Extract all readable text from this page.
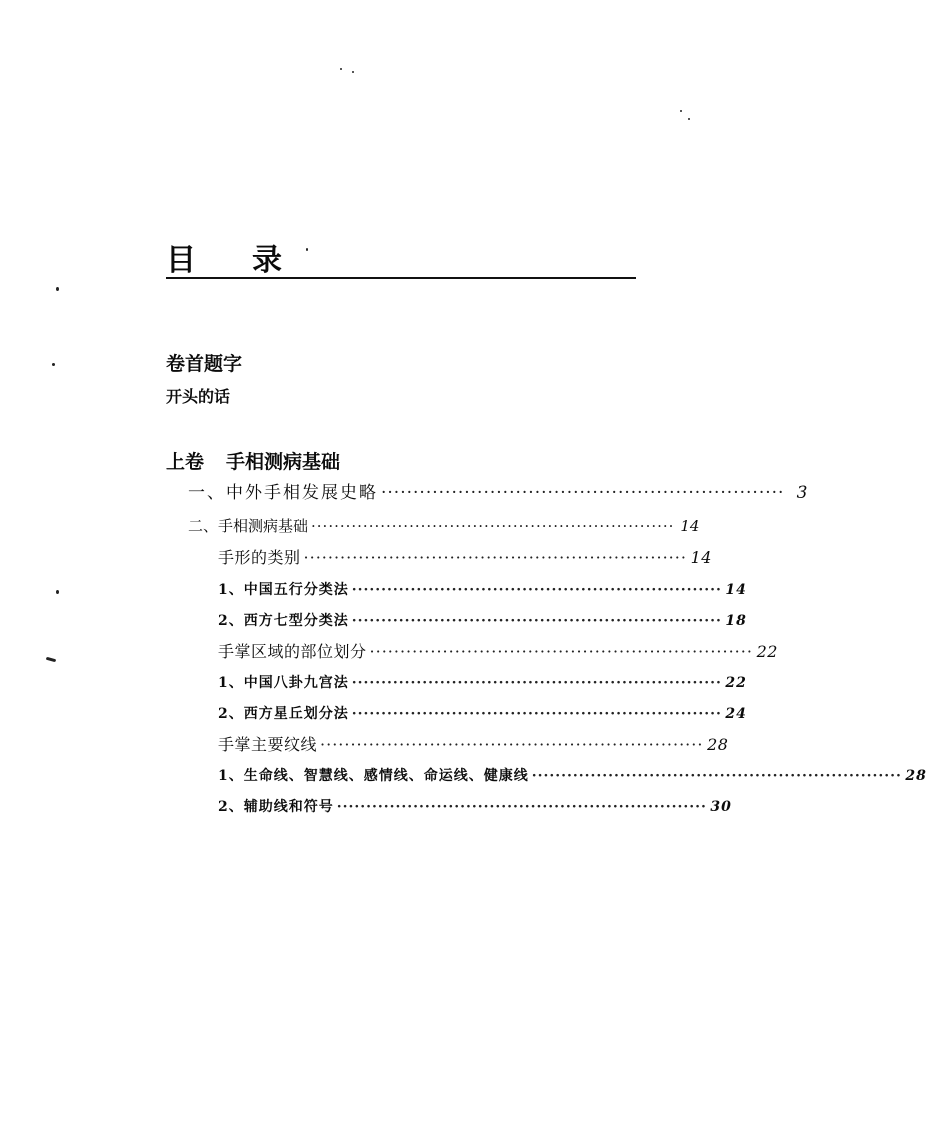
目 录
卷首题字
开头的话
上卷 手相测病基础
一、中外手相发展史略 ······························································· 3
二、手相测病基础 ······························································· 14
手形的类别 ······························································· 14
1、中国五行分类法 ······························································· 14
2、西方七型分类法 ······························································· 18
手掌区域的部位划分 ······························································· 22
1、中国八卦九宫法 ······························································· 22
2、西方星丘划分法 ······························································· 24
手掌主要纹线 ······························································· 28
1、生命线、智慧线、感情线、命运线、健康线 ······························································· 28
2、辅助线和符号 ······························································· 30
